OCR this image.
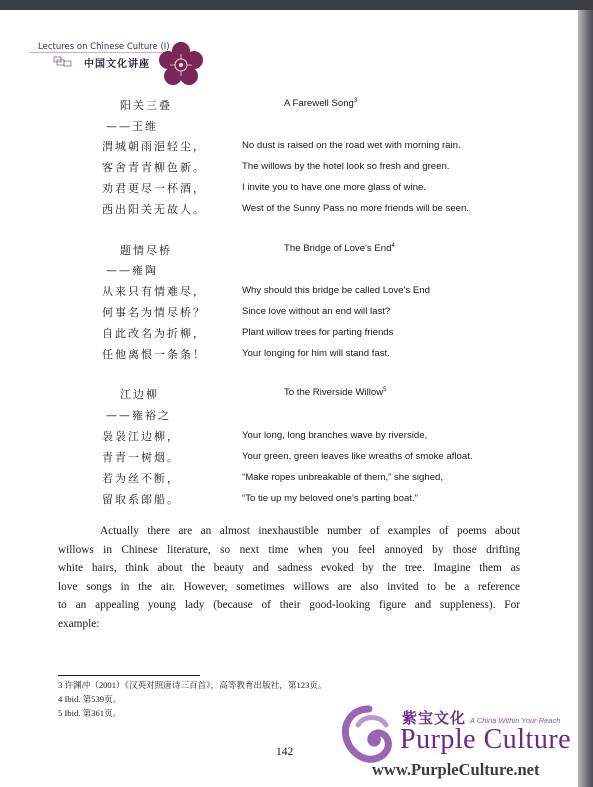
Lectures on Chinese Culture (I)
中国文化讲座
阳关三叠	A Farewell Song$^3$
——王维
渭城朝雨浥轻尘，	No dust is raised on the road wet with morning rain.
客舍青青柳色新。	The willows by the hotel look so fresh and green.
劝君更尽一杯酒，	I invite you to have one more glass of wine.
西出阳关无故人。	West of the Sunny Pass no more friends will be seen.
题情尽桥	The Bridge of Love's End$^4$
——雍陶
从来只有情难尽，	Why should this bridge be called Love's End
何事名为情尽桥？	Since love without an end will last?
自此改名为折柳，	Plant willow trees for parting friends
任他离恨一条条！	Your longing for him will stand fast.
江边柳	To the Riverside Willow$^5$
——雍裕之
袅袅江边柳，	Your long, long branches wave by riverside,
青青一树烟。	Your green, green leaves like wreaths of smoke afloat.
若为丝不断，	“Make ropes unbreakable of them,” she sighed,
留取系郎船。	“To tie up my beloved one’s parting boat.”
Actually there are an almost inexhaustible number of examples of poems about
willows in Chinese literature, so next time when you feel annoyed by those drifting
white hairs, think about the beauty and sadness evoked by the tree. Imagine them as
love songs in the air. However, sometimes willows are also invited to be a reference
to an appealing young lady (because of their good-looking figure and suppleness). For
example:
3 许渊冲（2001）《汉英对照唐诗三百首》，高等教育出版社，第123页。
4 Ibid. 第539页。
5 Ibid. 第361页。	紫宝文化 A China Within Your Reach
Purple Culture
www.PurpleCulture.net
142
